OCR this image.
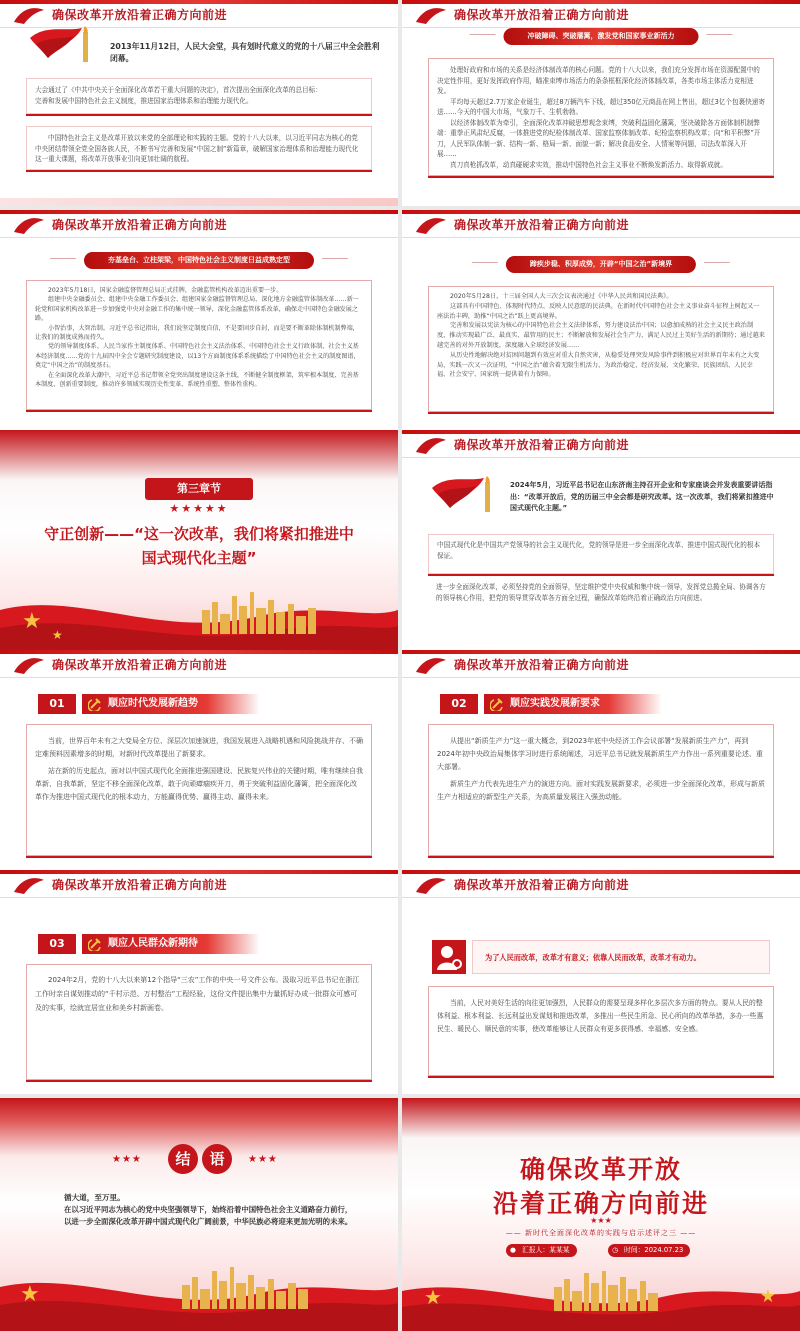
确保改革开放沿着正确方向前进
2013年11月12日，人民大会堂，具有划时代意义的党的十八届三中全会胜利闭幕。

大会通过了《中共中央关于全面深化改革若干重大问题的决定》，首次提出全面深化改革的总目标：

完善和发展中国特色社会主义制度，推进国家治理体系和治理能力现代化。

中国特色社会主义是改革开放以来党的全部理论和实践的主题。党的十八大以来，以习近平同志为核心的党中央团结带领全党全国各族人民，不断书写完善和发展“中国之制”新篇章，破解国家治理体系和治理能力现代化这一重大课题，将改革开放事业引向更加壮阔的航程。

确保改革开放沿着正确方向前进
冲破障碍、突破藩篱，激发党和国家事业新活力

处理好政府和市场的关系是经济体制改革的核心问题。党的十八大以来，我们充分发挥市场在资源配置中的决定性作用，更好发挥政府作用，瞄准束缚市场活力的条条框框深化经济体制改革，各类市场主体活力竞相迸发。

平均每天超过2.7万家企业诞生，超过8万辆汽车下线，超过350亿元商品在网上售出，超过3亿个包裹快递寄送……今天的中国大市场，气象万千、生机勃勃。

以经济体制改革为牵引，全面深化改革冲破思想观念束缚，突破利益固化藩篱，坚决破除各方面体制机制弊端：重拳正风肃纪反腐，一体推进党的纪检体制改革、国家监察体制改革、纪检监察机构改革；向“和平积弊”开刀，人民军队体制一新、结构一新、格局一新、面貌一新；解决食品安全、人情案等问题，司法改革深入开展……

真刀真枪抓改革，动真碰硬求实效，推动中国特色社会主义事业不断焕发新活力、取得新成就。

确保改革开放沿着正确方向前进
夯基垒台、立柱架梁，中国特色社会主义制度日益成熟定型

2023年5月18日，国家金融监督管理总局正式挂牌，金融监管机构改革迈出重要一步。

组建中央金融委员会、组建中央金融工作委员会、组建国家金融监督管理总局、深化地方金融监管体制改革……新一轮党和国家机构改革进一步加强党中央对金融工作的集中统一领导，深化金融监管体系改革，确保走中国特色金融发展之路。

小智治事，大智治制。习近平总书记指出，我们说坚定制度自信，不是要固步自封，而是要不断革除体制机制弊端，让我们的制度成熟而持久。

党的领导制度体系、人民当家作主制度体系、中国特色社会主义法治体系、中国特色社会主义行政体制、社会主义基本经济制度……党的十九届四中全会专题研究制度建设，以13个方面制度体系系统描绘了中国特色社会主义的制度图谱，奠定“中国之治”的制度基石。

在全面深化改革大潮中，习近平总书记带领全党突出制度建设这条主线，不断健全制度框架，筑牢根本制度、完善基本制度、创新重要制度，推动许多领域实现历史性变革、系统性重塑、整体性重构。

确保改革开放沿着正确方向前进
蹄疾步稳、积厚成势，开辟“中国之治”新境界

2020年5月28日，十三届全国人大三次会议表决通过《中华人民共和国民法典》。

这部具有中国特色、体现时代特点、反映人民意愿的民法典，在新时代中国特色社会主义事业奋斗征程上树起又一座法治丰碑，助推“中国之治”跃上更高境界。

完善和发展以宪法为核心的中国特色社会主义法律体系，努力建设法治中国；以愈加成熟的社会主义民主政治制度，推动实现最广泛、最真实、最管用的民主；不断解放和发展社会生产力，满足人民过上美好生活的新期待；通过越来越完善的对外开放制度，深度融入全球经济发展……

从历史性地解决绝对贫困问题到有效应对重大自然灾害，从稳妥处理突发风险事件到积极应对世界百年未有之大变局，实践一次又一次证明，“中国之治”蕴含着无限生机活力，为政治稳定、经济发展、文化繁荣、民族团结、人民幸福、社会安宁、国家统一提供着有力保障。

第三章节
★★★★★
守正创新——“这一次改革，我们将紧扣推进中国式现代化主题”
★
★
确保改革开放沿着正确方向前进
2024年5月，习近平总书记在山东济南主持召开企业和专家座谈会并发表重要讲话指出：“改革开放后，党的历届三中全会都是研究改革。这一次改革，我们将紧扣推进中国式现代化主题。”

中国式现代化是中国共产党领导的社会主义现代化，党的领导是进一步全面深化改革、推进中国式现代化的根本保证。

进一步全面深化改革，必须坚持党的全面领导，坚定维护党中央权威和集中统一领导，发挥党总揽全局、协调各方的领导核心作用，把党的领导贯穿改革各方面全过程，确保改革始终沿着正确政治方向前进。
确保改革开放沿着正确方向前进
01	顺应时代发展新趋势

当前，世界百年未有之大变局全方位、深层次加速演进，我国发展进入战略机遇和风险挑战并存、不确定难预料因素增多的时期，对新时代改革提出了新要求。

站在新的历史起点，面对以中国式现代化全面推进强国建设、民族复兴伟业的关键时期，唯有继续自我革新、自我革新，坚定不移全面深化改革，敢于向顽瘴痼疾开刀，勇于突破利益固化藩篱，把全面深化改革作为推进中国式现代化的根本动力，方能赢得优势、赢得主动、赢得未来。

确保改革开放沿着正确方向前进
02	顺应实践发展新要求

从提出“新质生产力”这一重大概念，到2023年底中央经济工作会议部署“发展新质生产力”，再到2024年初中央政治局集体学习时进行系统阐述，习近平总书记就发展新质生产力作出一系列重要论述、重大部署。

新质生产力代表先进生产力的演进方向。面对实践发展新要求，必须进一步全面深化改革，形成与新质生产力相适应的新型生产关系，为高质量发展注入强劲动能。

确保改革开放沿着正确方向前进
03	顺应人民群众新期待

2024年2月，党的十八大以来第12个指导“三农”工作的中央一号文件公布。汲取习近平总书记在浙江工作时亲自谋划推动的“千村示范、万村整治”工程经验，这份文件提出集中力量抓好办成一批群众可感可及的实事，绘就宜居宜业和美乡村新画卷。

确保改革开放沿着正确方向前进
为了人民而改革，改革才有意义；依靠人民而改革，改革才有动力。

当前，人民对美好生活的向往更加强烈，人民群众的需要呈现多样化多层次多方面的特点。要从人民的整体利益、根本利益、长远利益出发谋划和推进改革，多推出一些民生所急、民心所向的改革举措，多办一些惠民生、暖民心、顺民意的实事，使改革能够让人民群众有更多获得感、幸福感、安全感。

★★★	★★★
结	语
循大道，至万里。
在以习近平同志为核心的党中央坚强领导下，始终沿着中国特色社会主义道路奋力前行，以进一步全面深化改革开辟中国式现代化广阔前景，中华民族必将迎来更加光明的未来。
★
确保改革开放
沿着正确方向前进
★★★
—— 新时代全面深化改革的实践与启示述评之三 ——
● 汇报人：某某某	◷ 时间：2024.07.23
★	★
